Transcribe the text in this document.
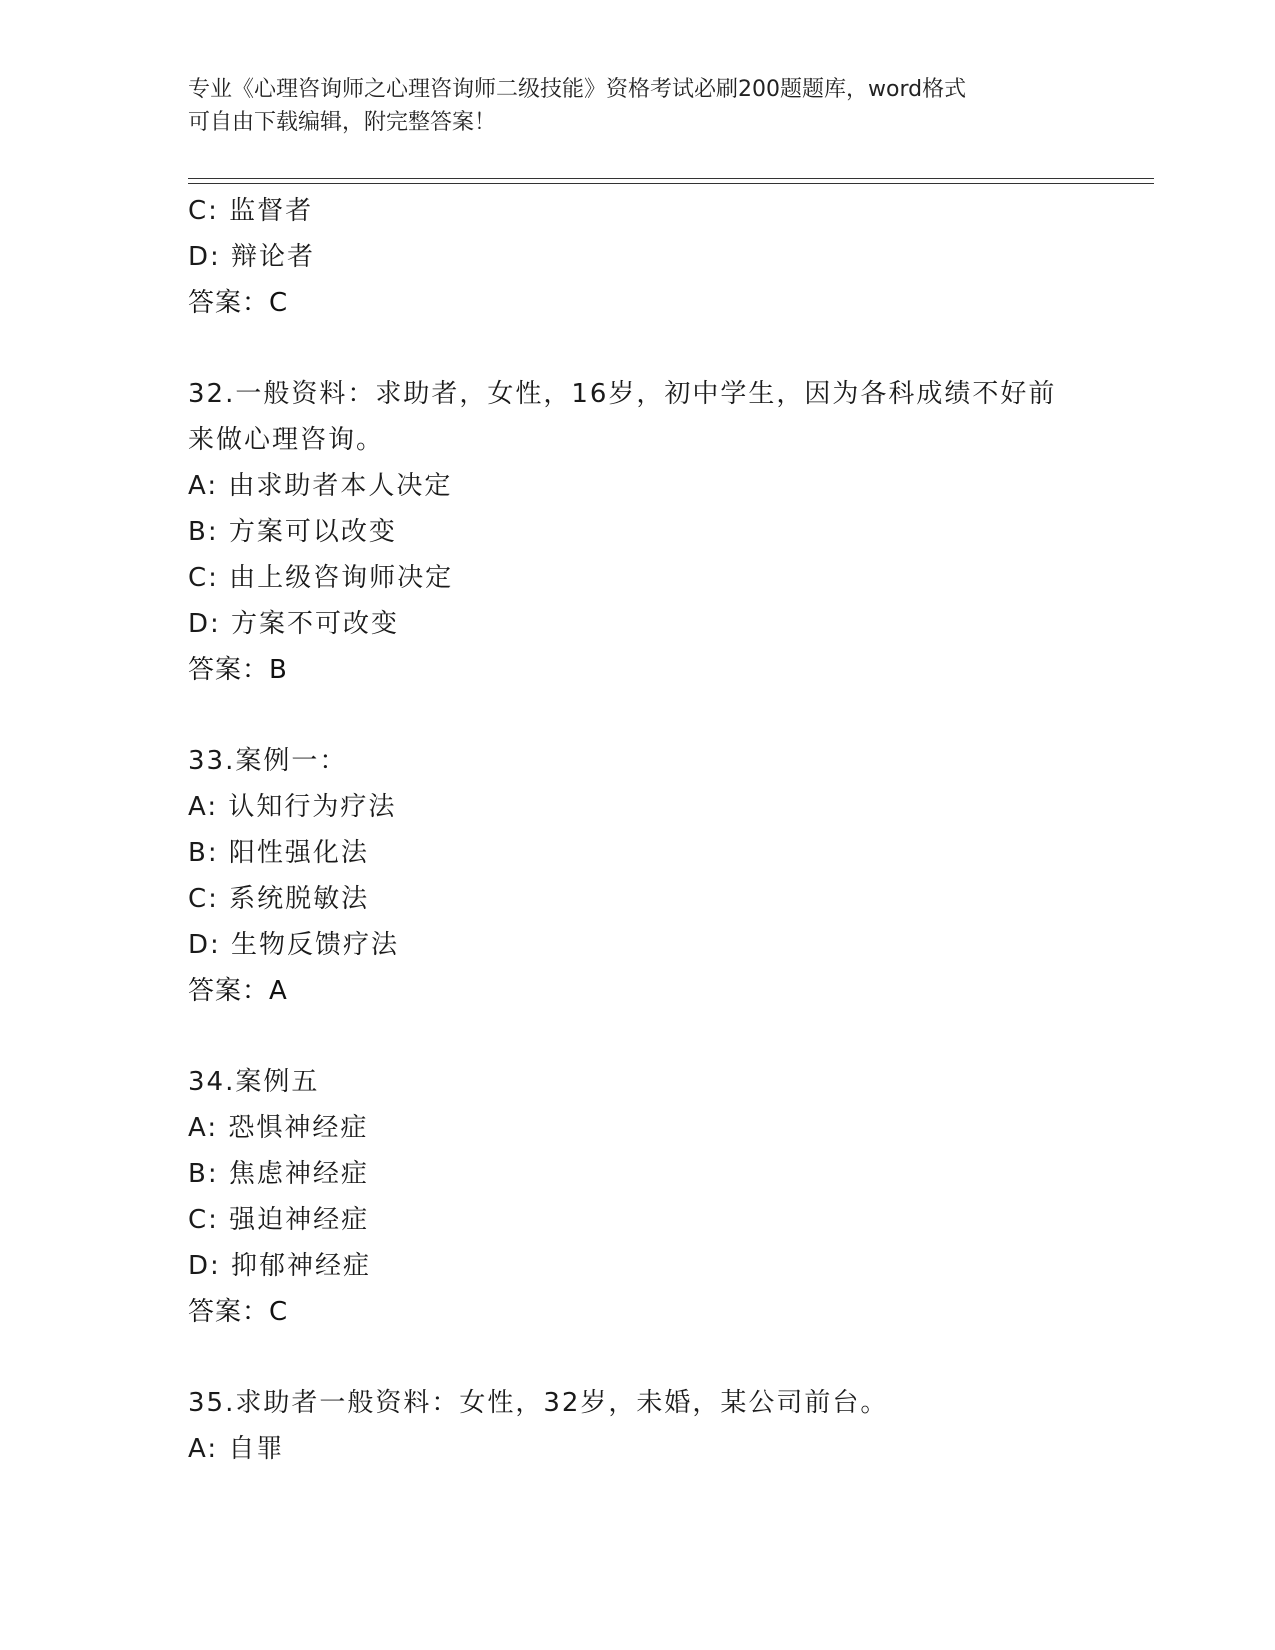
专业《心理咨询师之心理咨询师二级技能》资格考试必刷200题题库，word格式
可自由下载编辑，附完整答案！
C: 监督者
D: 辩论者
答案：C
32.一般资料：求助者，女性，16岁，初中学生，因为各科成绩不好前
来做心理咨询。
A: 由求助者本人决定
B: 方案可以改变
C: 由上级咨询师决定
D: 方案不可改变
答案：B
33.案例一：
A: 认知行为疗法
B: 阳性强化法
C: 系统脱敏法
D: 生物反馈疗法
答案：A
34.案例五
A: 恐惧神经症
B: 焦虑神经症
C: 强迫神经症
D: 抑郁神经症
答案：C
35.求助者一般资料：女性，32岁，未婚，某公司前台。
A: 自罪
